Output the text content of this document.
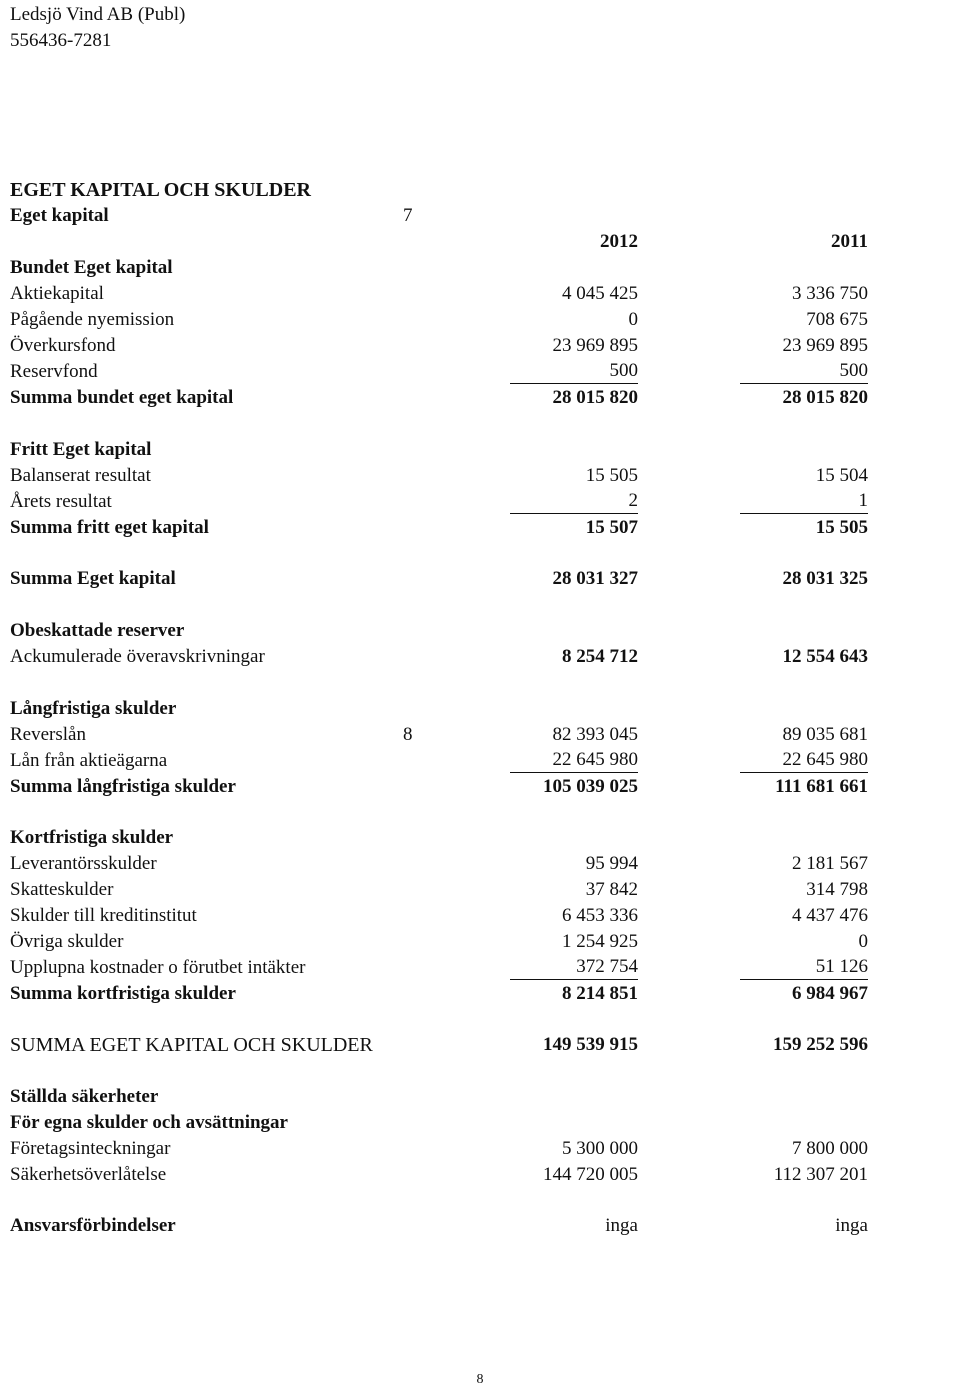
Ledsjö Vind AB (Publ)
556436-7281
EGET KAPITAL OCH SKULDER
Eget kapital	7
2012	2011
Bundet Eget kapital
Aktiekapital	4 045 425	3 336 750
Pågående nyemission	0	708 675
Överkursfond	23 969 895	23 969 895
Reservfond	500	500
Summa bundet eget kapital	28 015 820	28 015 820
Fritt Eget kapital
Balanserat resultat	15 505	15 504
Årets resultat	2	1
Summa fritt eget kapital	15 507	15 505
Summa Eget kapital	28 031 327	28 031 325
Obeskattade reserver
Ackumulerade överavskrivningar	8 254 712	12 554 643
Långfristiga skulder
Reverslån	8	82 393 045	89 035 681
Lån från aktieägarna	22 645 980	22 645 980
Summa långfristiga skulder	105 039 025	111 681 661
Kortfristiga skulder
Leverantörsskulder	95 994	2 181 567
Skatteskulder	37 842	314 798
Skulder till kreditinstitut	6 453 336	4 437 476
Övriga skulder	1 254 925	0
Upplupna kostnader o förutbet intäkter	372 754	51 126
Summa kortfristiga skulder	8 214 851	6 984 967
SUMMA EGET KAPITAL OCH SKULDER	149 539 915	159 252 596
Ställda säkerheter
För egna skulder och avsättningar
Företagsinteckningar	5 300 000	7 800 000
Säkerhetsöverlåtelse	144 720 005	112 307 201
Ansvarsförbindelser	inga	inga
8
